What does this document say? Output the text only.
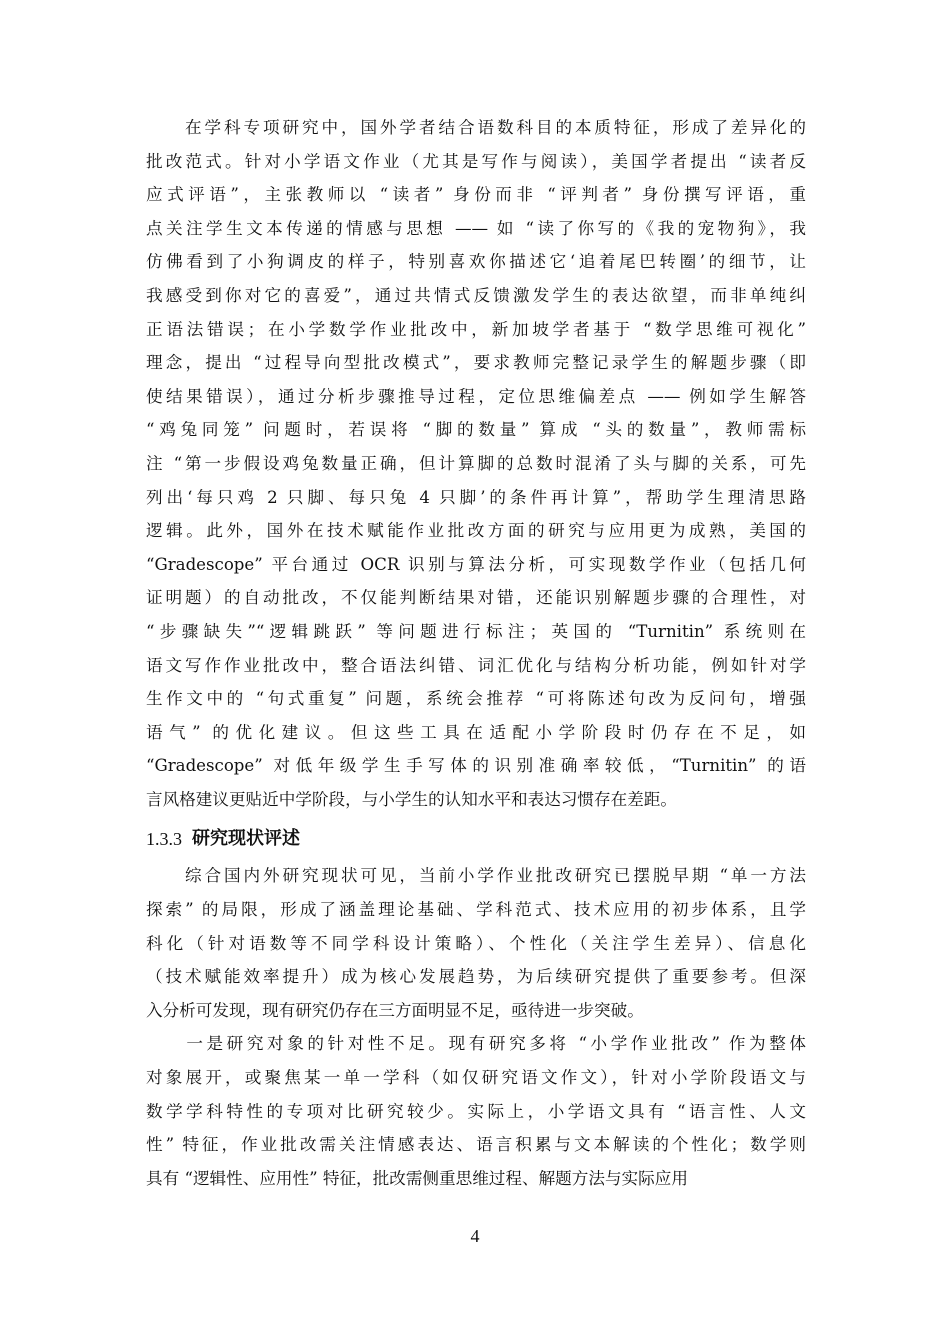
　　在学科专项研究中，国外学者结合语数科目的本质特征，形成了差异化的
批改范式。针对小学语文作业（尤其是写作与阅读），美国学者提出 “读者反
应式评语”，主张教师以 “读者” 身份而非 “评判者” 身份撰写评语，重
点关注学生文本传递的情感与思想 —— 如 “读了你写的《我的宠物狗》，我
仿佛看到了小狗调皮的样子，特别喜欢你描述它‘追着尾巴转圈’的细节，让
我感受到你对它的喜爱”，通过共情式反馈激发学生的表达欲望，而非单纯纠
正语法错误；在小学数学作业批改中，新加坡学者基于 “数学思维可视化”
理念，提出 “过程导向型批改模式”，要求教师完整记录学生的解题步骤（即
使结果错误），通过分析步骤推导过程，定位思维偏差点 —— 例如学生解答
“鸡兔同笼” 问题时，若误将 “脚的数量” 算成 “头的数量”，教师需标
注 “第一步假设鸡兔数量正确，但计算脚的总数时混淆了头与脚的关系，可先
列出‘每只鸡 2 只脚、每只兔 4 只脚’的条件再计算”，帮助学生理清思路
逻辑。此外，国外在技术赋能作业批改方面的研究与应用更为成熟，美国的
“Gradescope” 平台通过 OCR 识别与算法分析，可实现数学作业（包括几何
证明题）的自动批改，不仅能判断结果对错，还能识别解题步骤的合理性，对
“步骤缺失”“逻辑跳跃” 等问题进行标注；英国的 “Turnitin” 系统则在
语文写作作业批改中，整合语法纠错、词汇优化与结构分析功能，例如针对学
生作文中的 “句式重复” 问题，系统会推荐 “可将陈述句改为反问句，增强
语气” 的优化建议。但这些工具在适配小学阶段时仍存在不足，如
“Gradescope” 对低年级学生手写体的识别准确率较低，“Turnitin” 的语
言风格建议更贴近中学阶段，与小学生的认知水平和表达习惯存在差距。

1.3.3 研究现状评述

　　综合国内外研究现状可见，当前小学作业批改研究已摆脱早期 “单一方法
探索” 的局限，形成了涵盖理论基础、学科范式、技术应用的初步体系，且学
科化（针对语数等不同学科设计策略）、个性化（关注学生差异）、信息化
（技术赋能效率提升）成为核心发展趋势，为后续研究提供了重要参考。但深
入分析可发现，现有研究仍存在三方面明显不足，亟待进一步突破。

　　一是研究对象的针对性不足。现有研究多将 “小学作业批改” 作为整体
对象展开，或聚焦某一单一学科（如仅研究语文作文），针对小学阶段语文与
数学学科特性的专项对比研究较少。实际上，小学语文具有 “语言性、人文
性” 特征，作业批改需关注情感表达、语言积累与文本解读的个性化；数学则
具有 “逻辑性、应用性” 特征，批改需侧重思维过程、解题方法与实际应用

4
